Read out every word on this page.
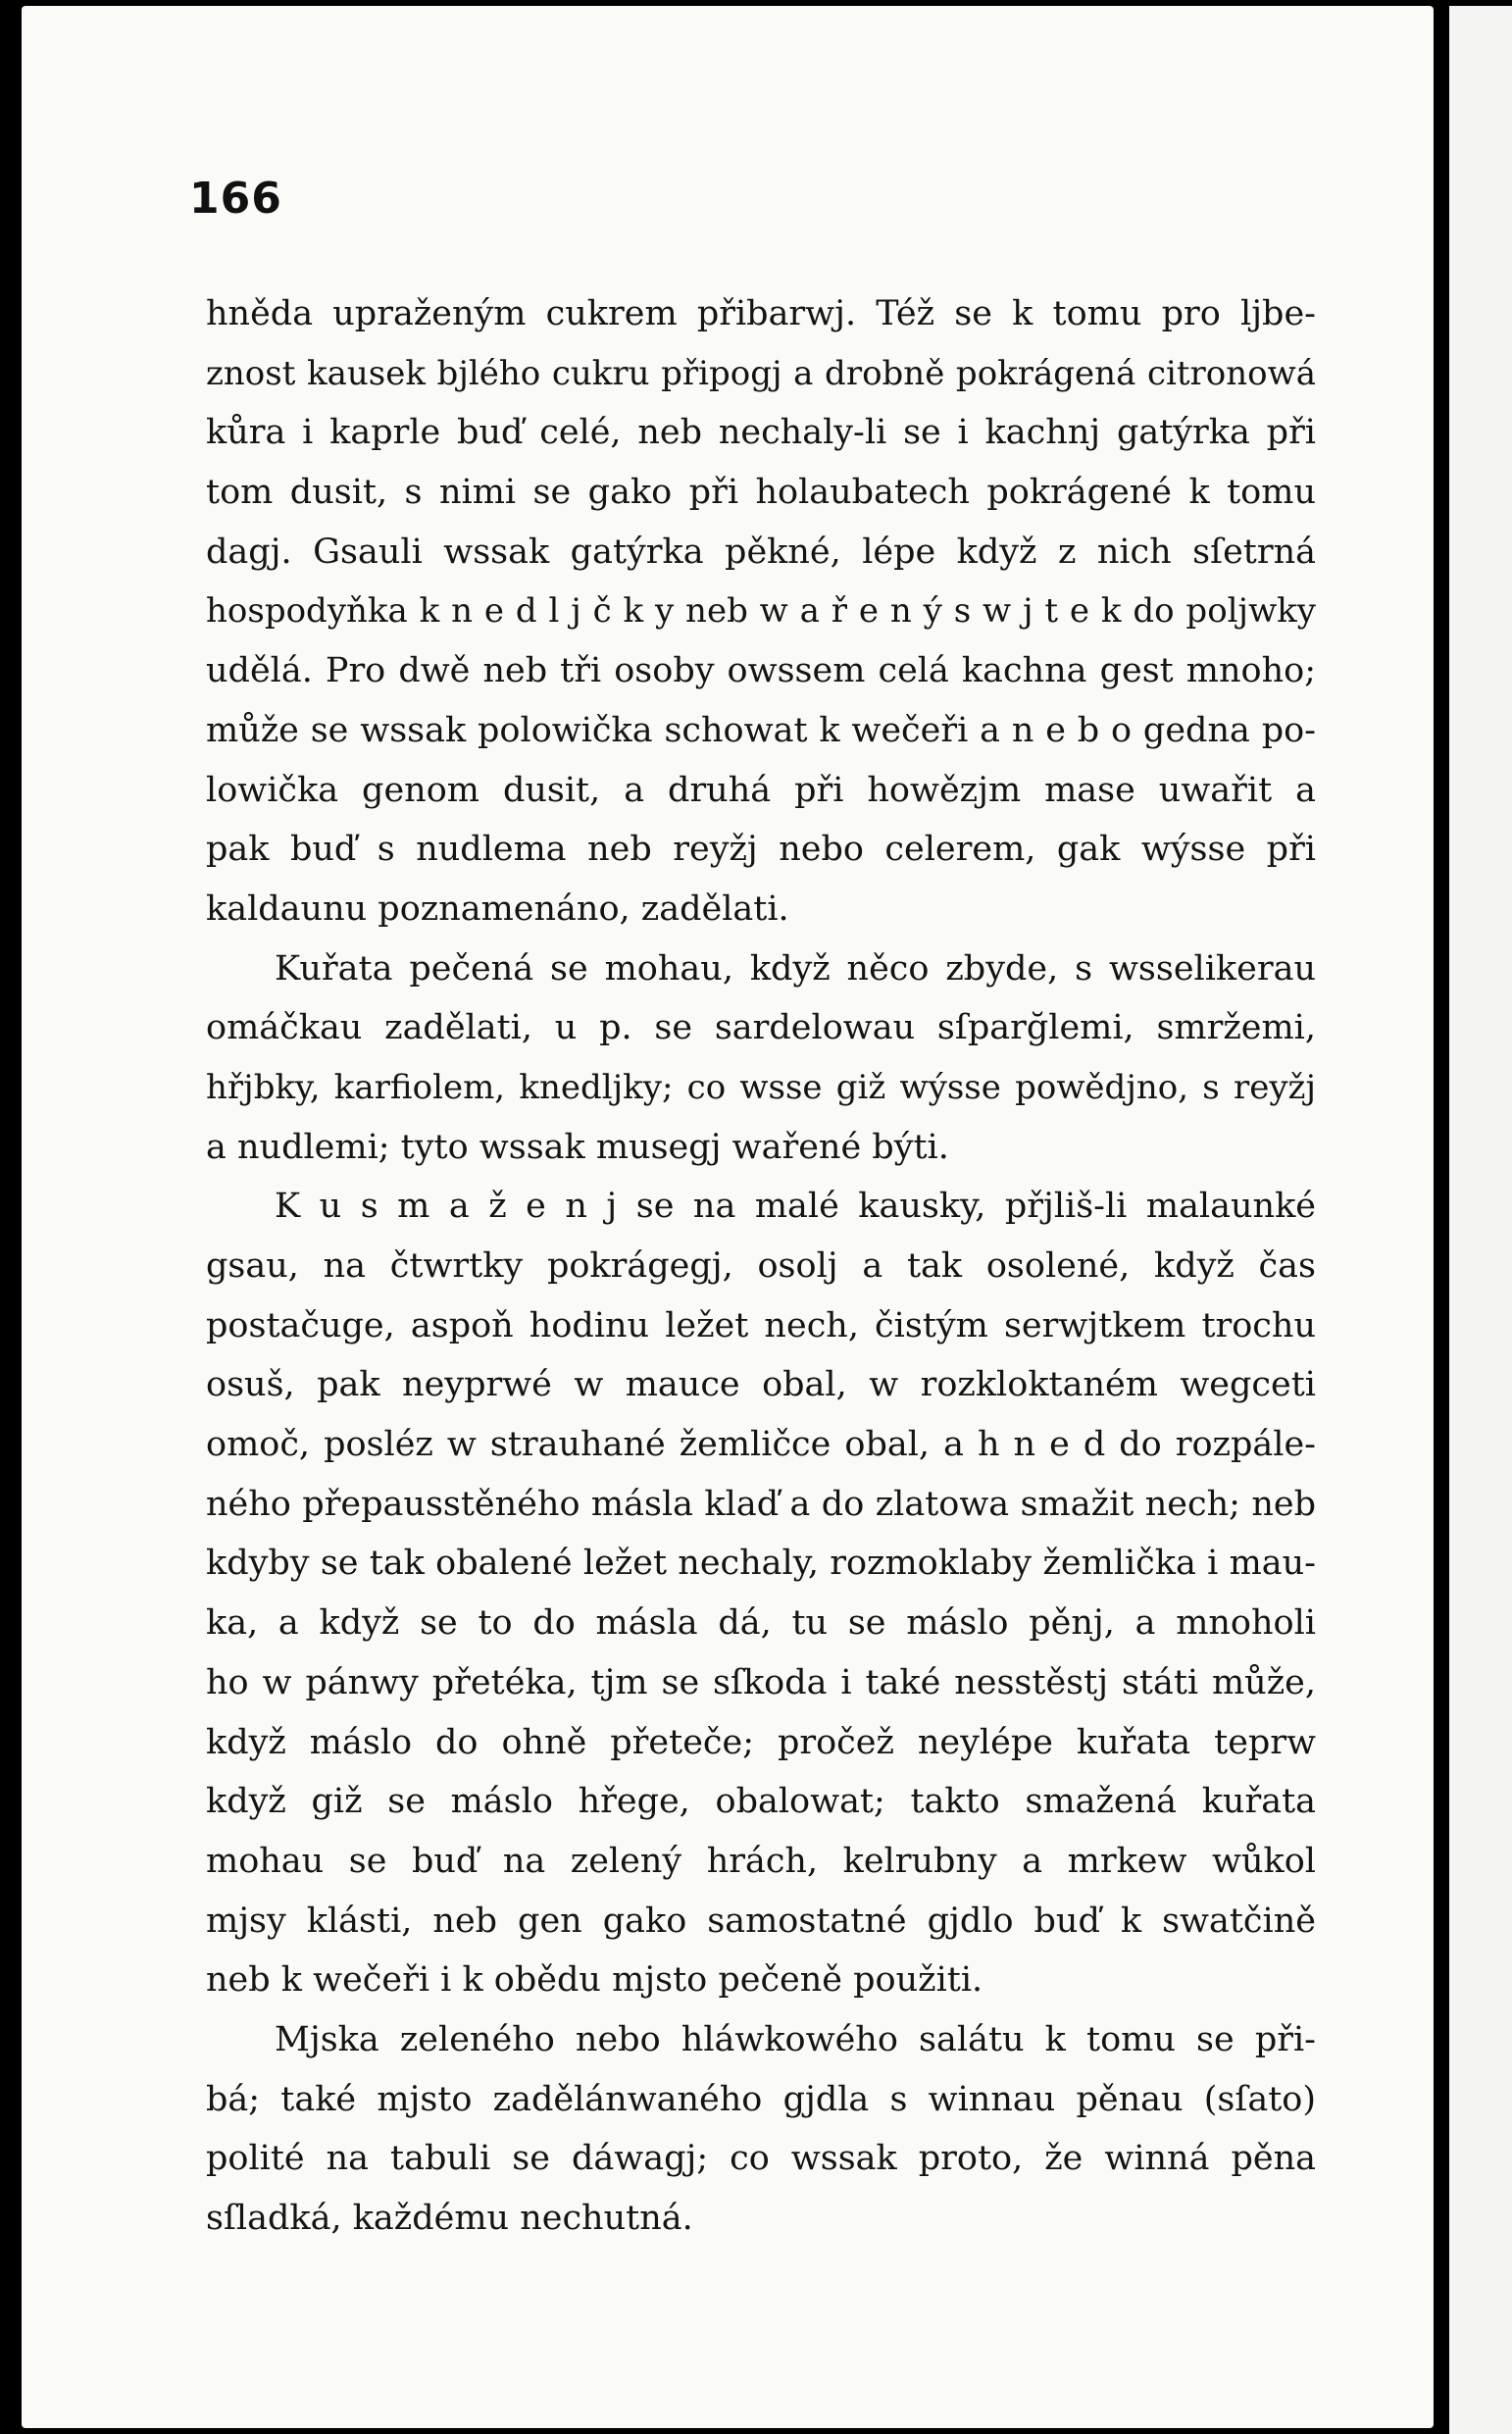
166
hněda upraženým cukrem přibarwj. Též se k tomu pro lјbe-
znost kausek bjlého cukru připogj a drobně pokrágená citronowá
kůra i kaprle buď celé, neb nechaly-li se i kachnj gatýrka při
tom dusit, s nimi se gako při holaubatech pokrágené k tomu
dagj. Gsauli wssak gatýrka pěkné, lépe když z nich sſetrná
hospodyňka k n e d l j č k y neb w a ř e n ý s w j t e k do poljwky
udělá. Pro dwě neb tři osoby owssem celá kachna gest mnoho;
může se wssak polowička schowat k wečeři a n e b o gedna po-
lowička genom dusit, a druhá při howězjm mase uwařit a
pak buď s nudlema neb reyžj nebo celerem, gak wýsse při
kaldaunu poznamenáno, zadělati.
Kuřata pečená se mohau, když něco zbyde, s wsselikerau
omáčkau zadělati, u p. se sardelowau sſparğlemi, smržemi,
hřjbky, karfiolem, knedljky; co wsse giž wýsse powědjno, s reyžj
a nudlemi; tyto wssak musegj wařené býti.
K u s m a ž e n j se na malé kausky, přjliš-li malaunké
gsau, na čtwrtky pokrágegj, osolj a tak osolené, když čas
postačuge, aspoň hodinu ležet nech, čistým serwjtkem trochu
osuš, pak neyprwé w mauce obal, w rozkloktaném wegceti
omoč, posléz w strauhané žemličce obal, a h n e d do rozpále-
ného přepausstěného másla klaď a do zlatowa smažit nech; neb
kdyby se tak obalené ležet nechaly, rozmoklaby žemlička i mau-
ka, a když se to do másla dá, tu se máslo pěnj, a mnoholi
ho w pánwy přetéka, tjm se sſkoda i také nesstěstj státi může,
když máslo do ohně přeteče; pročež neylépe kuřata teprw
když giž se máslo hřege, obalowat; takto smažená kuřata
mohau se buď na zelený hrách, kelrubny a mrkew wůkol
mjsy klásti, neb gen gako samostatné gjdlo buď k swatčině
neb k wečeři i k obědu mjsto pečeně použiti.
Mjska zeleného nebo hláwkowého salátu k tomu se při-
bá; také mjsto zadělánwaného gjdla s winnau pěnau (sſato)
polité na tabuli se dáwagj; co wssak proto, že winná pěna
sſladká, každému nechutná.
